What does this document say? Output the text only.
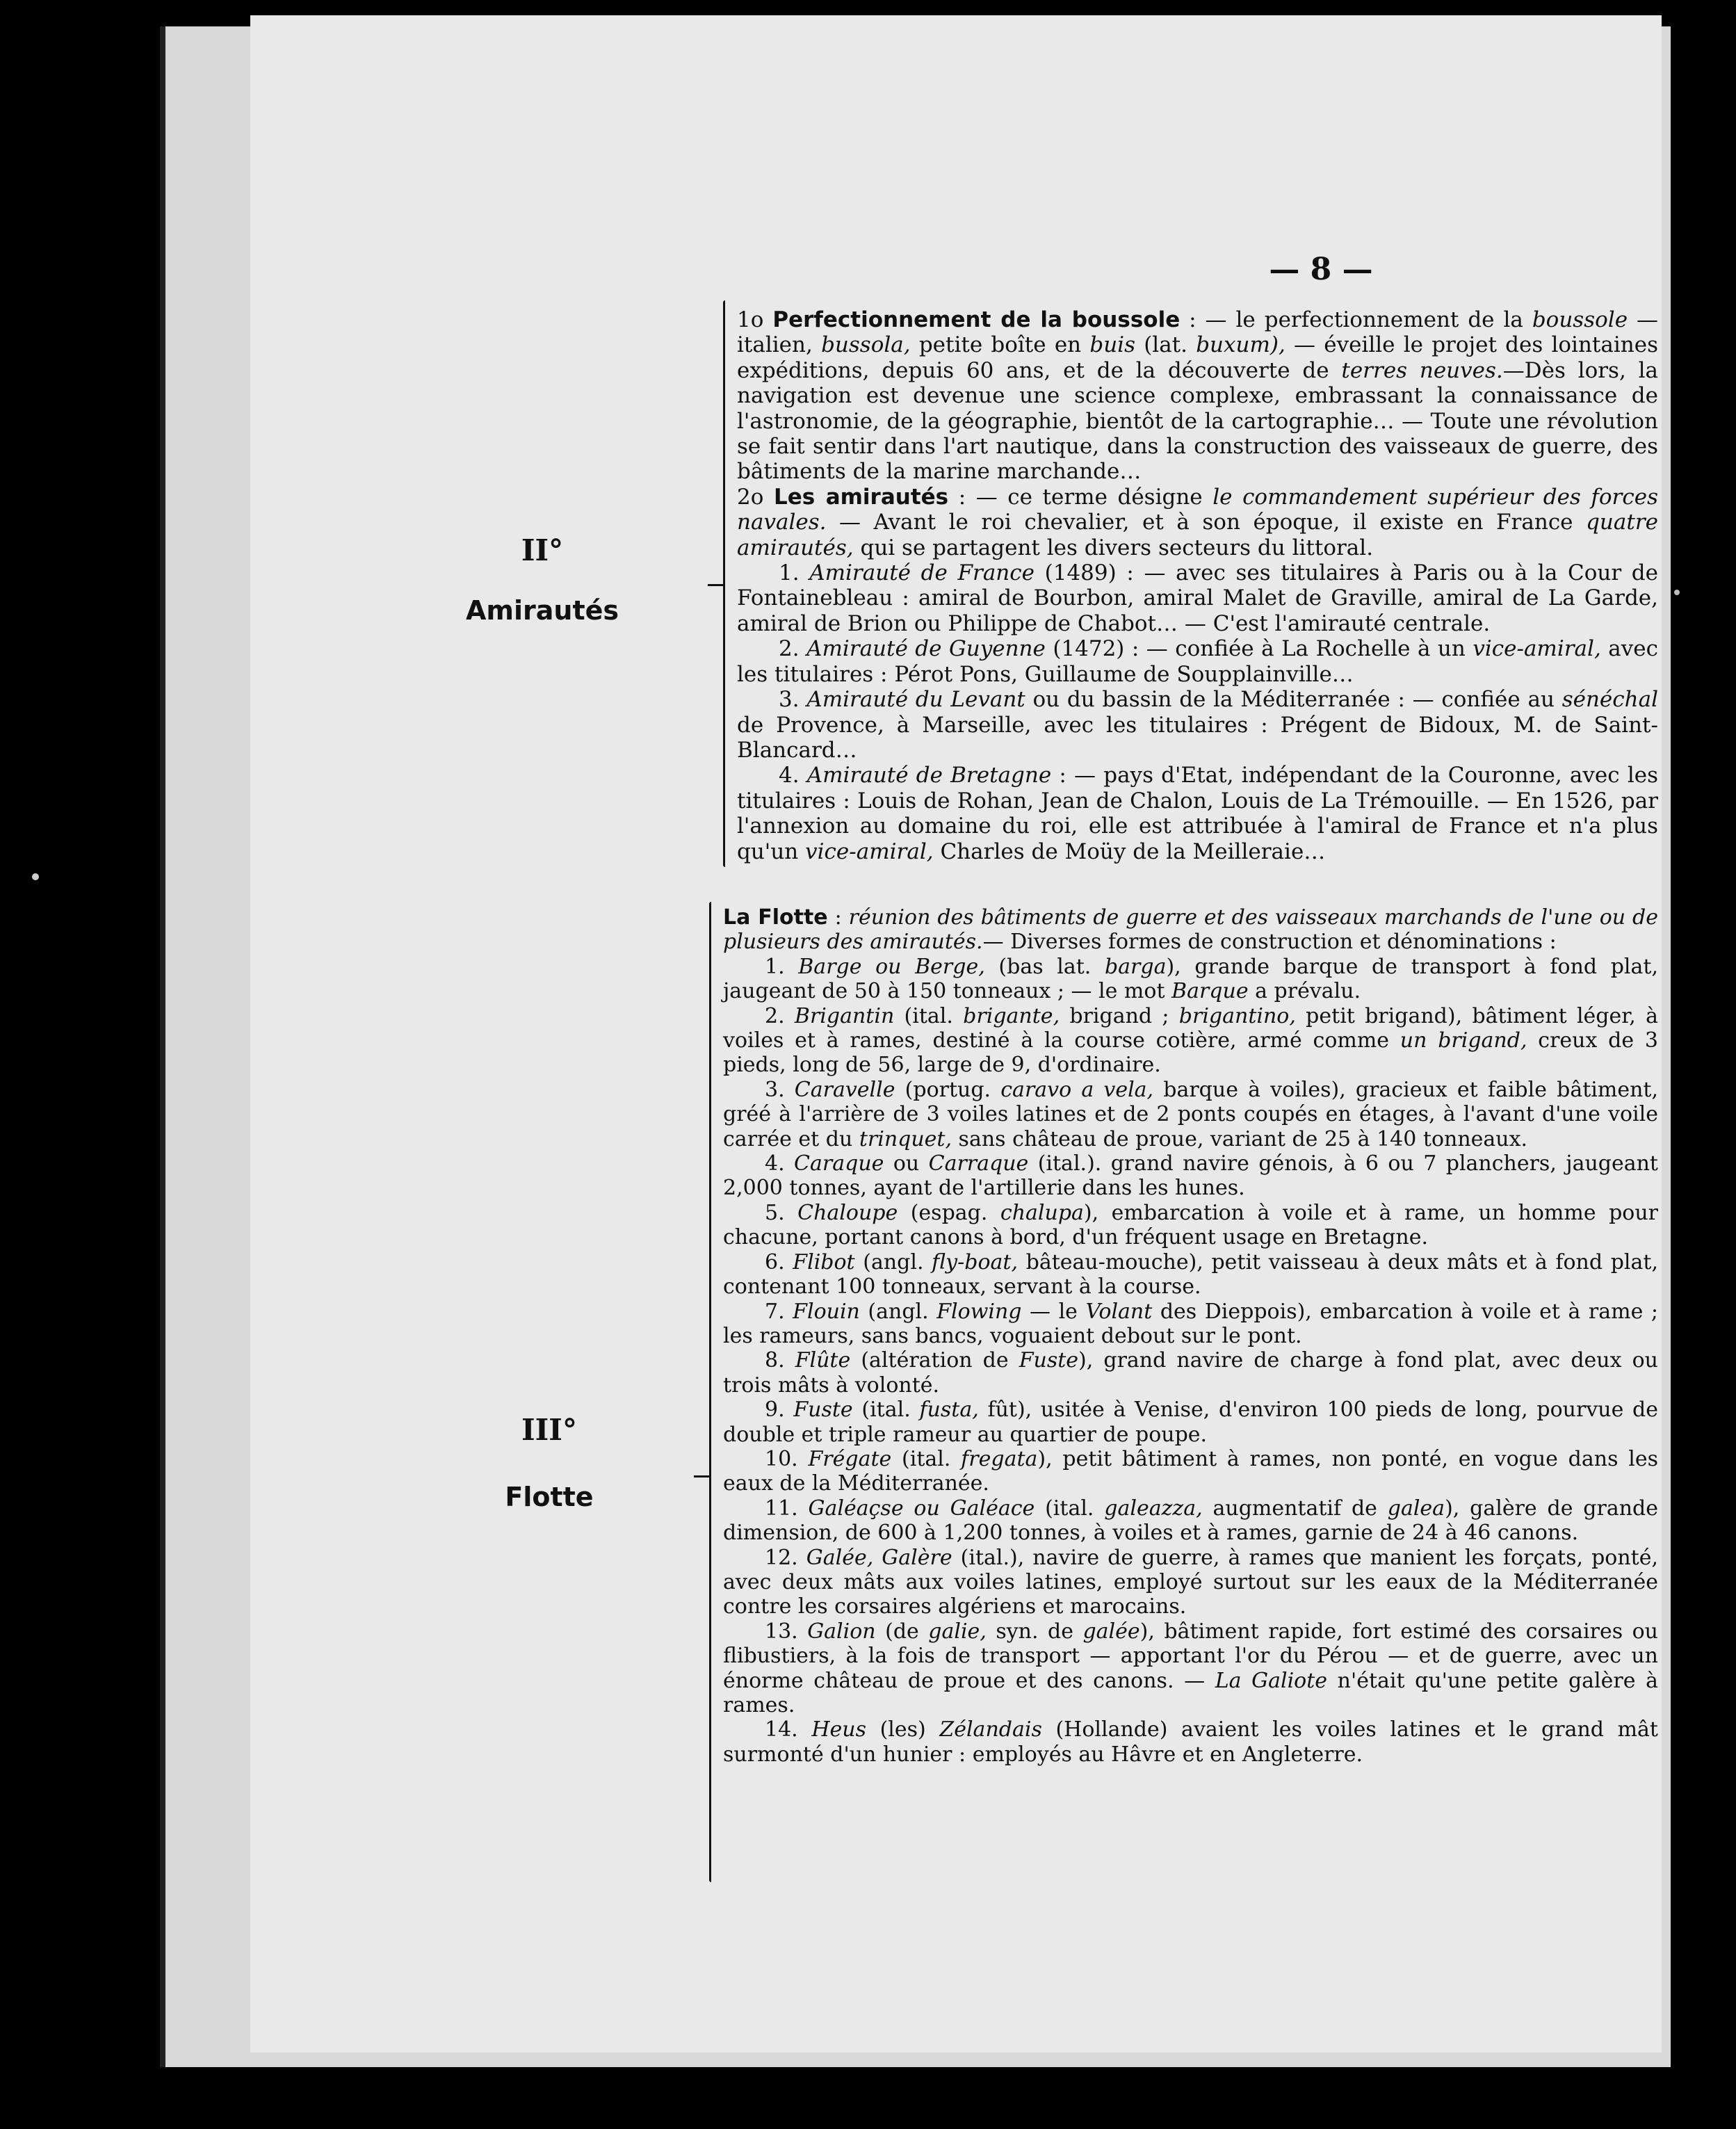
— 8 —
II°
Amirautés

1o Perfectionnement de la boussole : — le perfectionnement de la boussole — italien, bussola, petite boîte en buis (lat. buxum), — éveille le projet des lointaines expéditions, depuis 60 ans, et de la découverte de terres neuves.—Dès lors, la navigation est devenue une science complexe, embrassant la connaissance de l'astronomie, de la géographie, bientôt de la cartographie… — Toute une révolution se fait sentir dans l'art nautique, dans la construction des vaisseaux de guerre, des bâtiments de la marine marchande…

2o Les amirautés : — ce terme désigne le commandement supérieur des forces navales. — Avant le roi chevalier, et à son époque, il existe en France quatre amirautés, qui se partagent les divers secteurs du littoral.

1. Amirauté de France (1489) : — avec ses titulaires à Paris ou à la Cour de Fontainebleau : amiral de Bourbon, amiral Malet de Graville, amiral de La Garde, amiral de Brion ou Philippe de Chabot… — C'est l'amirauté centrale.

2. Amirauté de Guyenne (1472) : — confiée à La Rochelle à un vice-amiral, avec les titulaires : Pérot Pons, Guillaume de Soupplainville…

3. Amirauté du Levant ou du bassin de la Méditerranée : — confiée au sénéchal de Provence, à Marseille, avec les titulaires : Prégent de Bidoux, M. de Saint-Blancard…

4. Amirauté de Bretagne : — pays d'Etat, indépendant de la Couronne, avec les titulaires : Louis de Rohan, Jean de Chalon, Louis de La Trémouille. — En 1526, par l'annexion au domaine du roi, elle est attribuée à l'amiral de France et n'a plus qu'un vice-amiral, Charles de Moüy de la Meilleraie…

III°
Flotte

La Flotte : réunion des bâtiments de guerre et des vaisseaux marchands de l'une ou de plusieurs des amirautés.— Diverses formes de construction et dénominations :

1. Barge ou Berge, (bas lat. barga), grande barque de transport à fond plat, jaugeant de 50 à 150 tonneaux ; — le mot Barque a prévalu.

2. Brigantin (ital. brigante, brigand ; brigantino, petit brigand), bâtiment léger, à voiles et à rames, destiné à la course cotière, armé comme un brigand, creux de 3 pieds, long de 56, large de 9, d'ordinaire.

3. Caravelle (portug. caravo a vela, barque à voiles), gracieux et faible bâtiment, gréé à l'arrière de 3 voiles latines et de 2 ponts coupés en étages, à l'avant d'une voile carrée et du trinquet, sans château de proue, variant de 25 à 140 tonneaux.

4. Caraque ou Carraque (ital.). grand navire génois, à 6 ou 7 planchers, jaugeant 2,000 tonnes, ayant de l'artillerie dans les hunes.

5. Chaloupe (espag. chalupa), embarcation à voile et à rame, un homme pour chacune, portant canons à bord, d'un fréquent usage en Bretagne.

6. Flibot (angl. fly-boat, bâteau-mouche), petit vaisseau à deux mâts et à fond plat, contenant 100 tonneaux, servant à la course.

7. Flouin (angl. Flowing — le Volant des Dieppois), embarcation à voile et à rame ; les rameurs, sans bancs, voguaient debout sur le pont.

8. Flûte (altération de Fuste), grand navire de charge à fond plat, avec deux ou trois mâts à volonté.

9. Fuste (ital. fusta, fût), usitée à Venise, d'environ 100 pieds de long, pourvue de double et triple rameur au quartier de poupe.

10. Frégate (ital. fregata), petit bâtiment à rames, non ponté, en vogue dans les eaux de la Méditerranée.

11. Galéaçse ou Galéace (ital. galeazza, augmentatif de galea), galère de grande dimension, de 600 à 1,200 tonnes, à voiles et à rames, garnie de 24 à 46 canons.

12. Galée, Galère (ital.), navire de guerre, à rames que manient les forçats, ponté, avec deux mâts aux voiles latines, employé surtout sur les eaux de la Méditerranée contre les corsaires algériens et marocains.

13. Galion (de galie, syn. de galée), bâtiment rapide, fort estimé des corsaires ou flibustiers, à la fois de transport — apportant l'or du Pérou — et de guerre, avec un énorme château de proue et des canons. — La Galiote n'était qu'une petite galère à rames.

14. Heus (les) Zélandais (Hollande) avaient les voiles latines et le grand mât surmonté d'un hunier : employés au Hâvre et en Angleterre.
